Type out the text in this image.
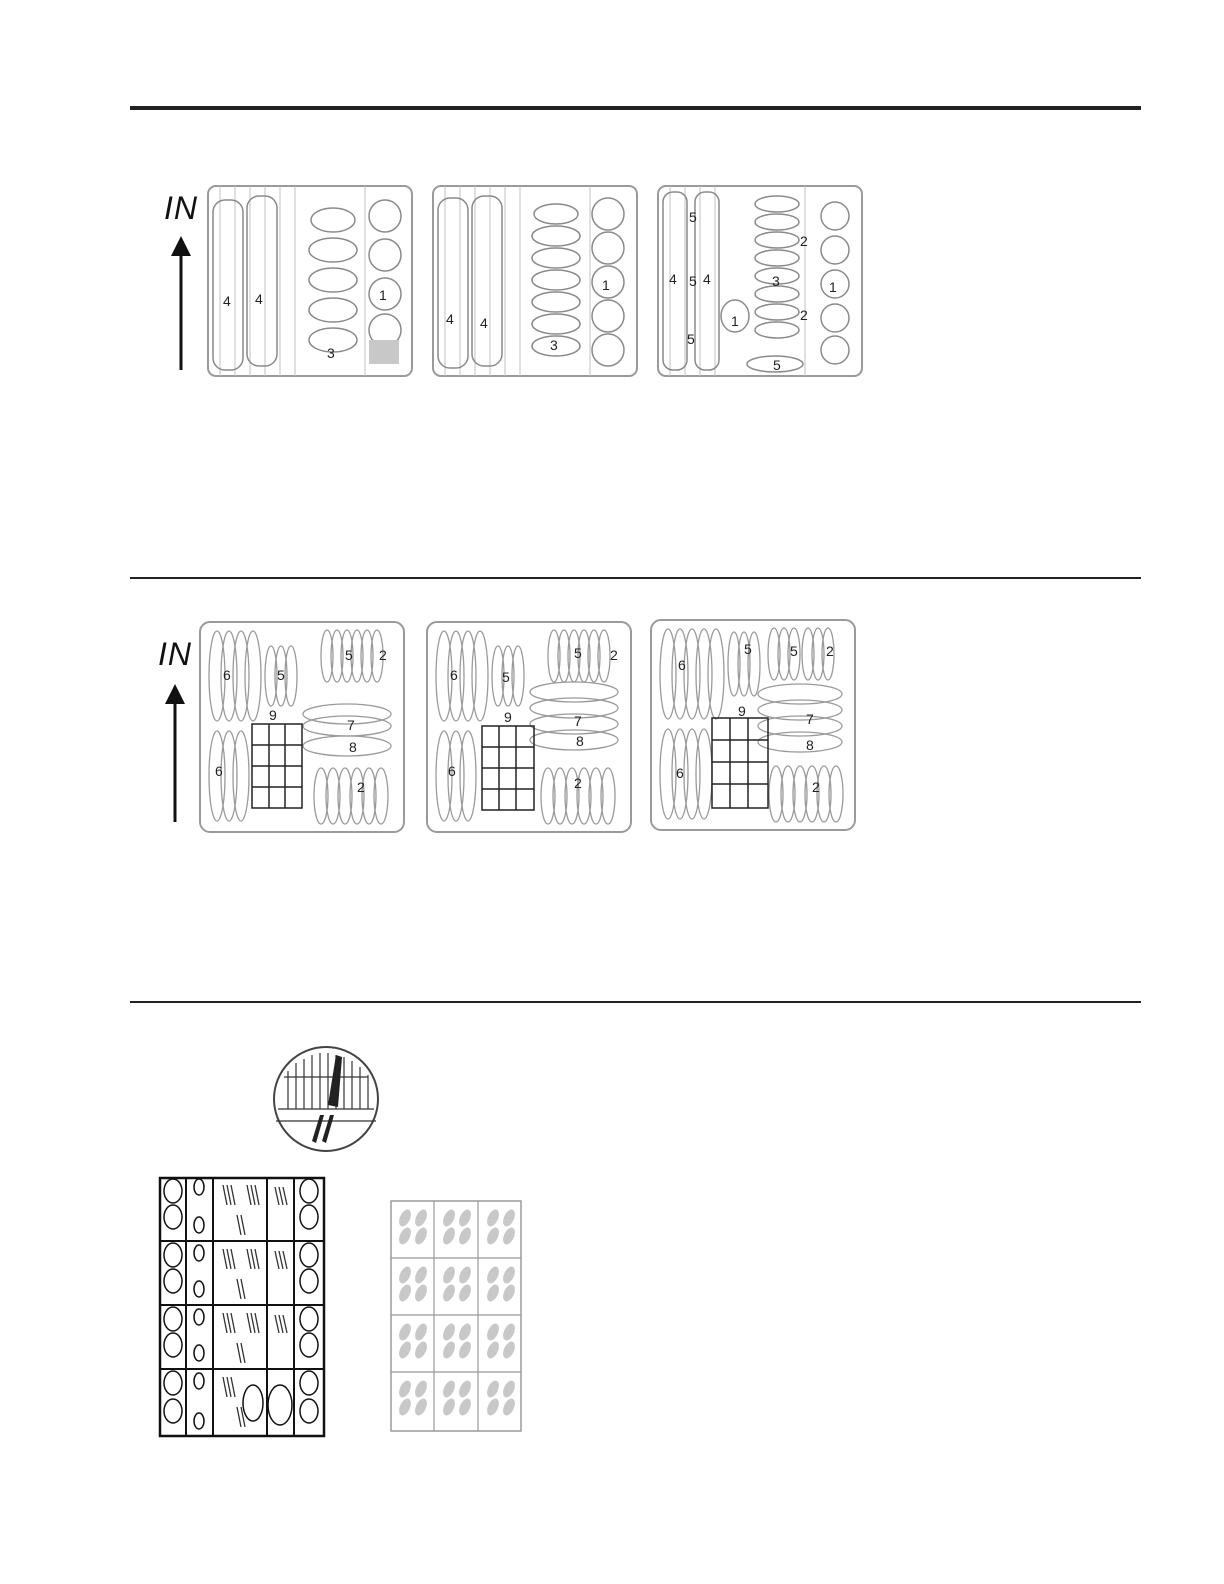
IN
4 4	1
3
4 4
1
3
5
4 5 4
5
3
2
1
1	2
5
IN
6	5
5 2
9
7
8
6
2
6	5
5 2
9	7
8
6
2
6
5	5 2
9	7
8
6
2
